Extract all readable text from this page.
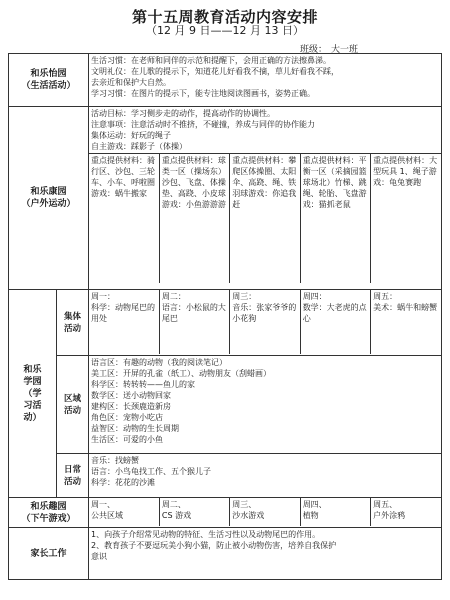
第十五周教育活动内容安排
（12 月 9 日——12 月 13 日）
班级： 大一班
和乐怡园
（生活活动）

生活习惯：在老师和同伴的示范和提醒下，会用正确的方法擦鼻涕。
文明礼仪：在儿歌的提示下，知道花儿好看我不摘，草儿好看我不踩，
去亲近和保护大自然。
学习习惯：在图片的提示下，能专注地阅读图画书，姿势正确。

和乐康园
（户外运动）

活动目标：学习侧步走的动作，提高动作的协调性。
注意事项：注意活动时不推挤，不碰撞，养成与同伴的协作能力
集体运动：好玩的绳子
自主游戏：踩影子（体操）
重点提供材料：骑行区、沙包、三轮车、小车、呼啦圈游戏：蜗牛搬家	重点提供材料：球类一区（操场东）沙包、飞盘、体操垫、高跷、小皮球游戏：小鱼游游游	重点提供材料：攀爬区体操圈、太阳伞、高跷、绳、铁羽球游戏：你追我赶	重点提供材料：平衡一区（采摘园篮球场北）竹梯、跳绳、轮胎、飞盘游戏：猫抓老鼠	重点提供材料：大型玩具 1、绳子游戏：龟兔赛跑

和乐
学园
（学
习活
动）

集体
活动

周一：
科学：动物尾巴的用处	
周二：
语言：小松鼠的大尾巴	
周三：
音乐：张家爷爷的小花狗	
周四：
数学：大老虎的点心	
周五：
美术：蜗牛和螃蟹

区域
活动

语言区：有趣的动物（我的阅读笔记）
美工区：开屏的孔雀（纸工）、动物朋友（刮蜡画）
科学区：转转转——鱼儿的家
数学区：送小动物回家
建构区：长颈鹿造新房
角色区：宠物小吃店
益智区：动物的生长周期
生活区：可爱的小鱼

日常
活动

音乐：找螃蟹
语言：小鸟龟找工作、五个猴儿子
科学：花花的沙滩

和乐趣园
（下午游戏）

周一、
公共区域

周二、
CS 游戏

周三、
沙水游戏

周四、
植物

周五、
户外涂鸦

家长工作	
1、向孩子介绍常见动物的特征、生活习性以及动物尾巴的作用。
2、教育孩子不要逗玩美小狗小猫，防止被小动物伤害，培养自我保护
意识
